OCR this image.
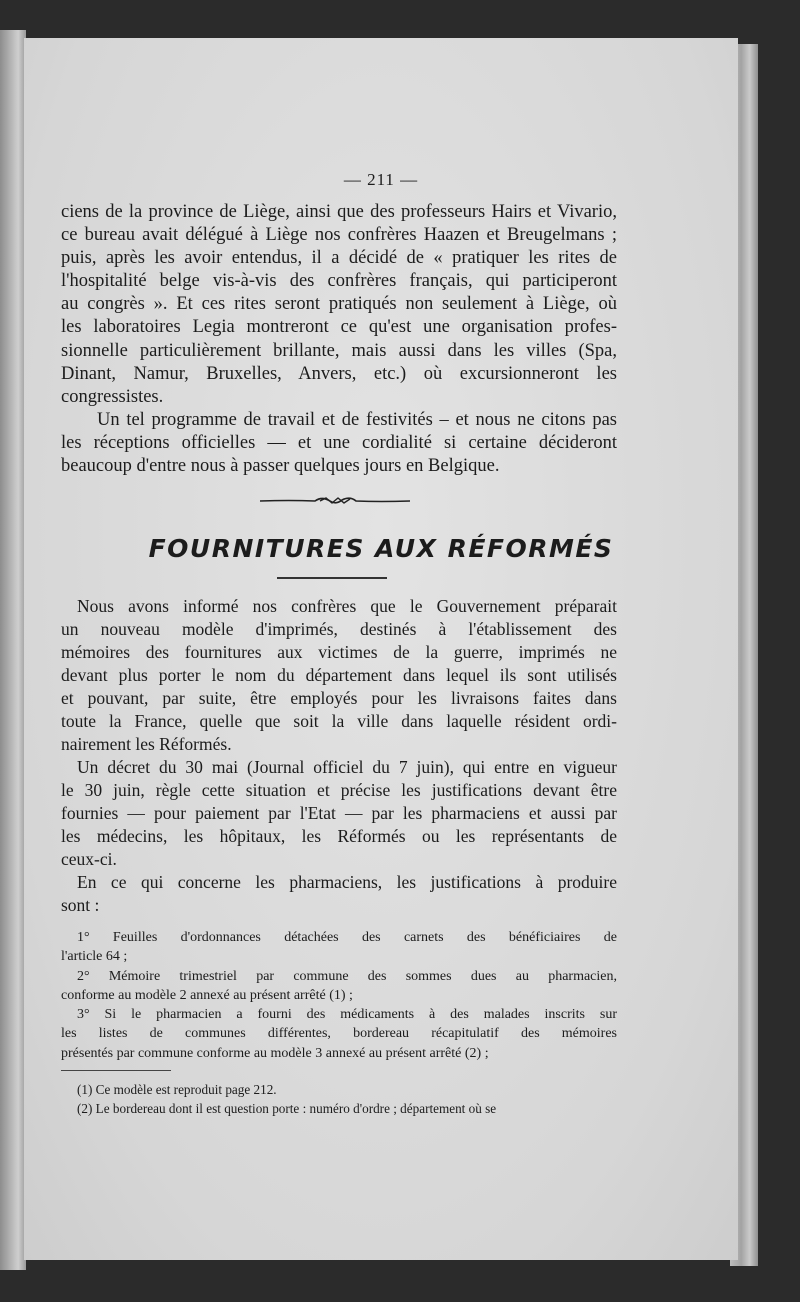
— 211 —
ciens de la province de Liège, ainsi que des professeurs Hairs et Vivario,
ce bureau avait délégué à Liège nos confrères Haazen et Breugelmans ;
puis, après les avoir entendus, il a décidé de « pratiquer les rites de
l'hospitalité belge vis-à-vis des confrères français, qui participeront
au congrès ». Et ces rites seront pratiqués non seulement à Liège, où
les laboratoires Legia montreront ce qu'est une organisation profes-
sionnelle particulièrement brillante, mais aussi dans les villes (Spa,
Dinant, Namur, Bruxelles, Anvers, etc.) où excursionneront les
congressistes.
Un tel programme de travail et de festivités – et nous ne citons pas
les réceptions officielles — et une cordialité si certaine décideront
beaucoup d'entre nous à passer quelques jours en Belgique.
FOURNITURES AUX RÉFORMÉS
Nous avons informé nos confrères que le Gouvernement préparait
un nouveau modèle d'imprimés, destinés à l'établissement des
mémoires des fournitures aux victimes de la guerre, imprimés ne
devant plus porter le nom du département dans lequel ils sont utilisés
et pouvant, par suite, être employés pour les livraisons faites dans
toute la France, quelle que soit la ville dans laquelle résident ordi-
nairement les Réformés.
Un décret du 30 mai (Journal officiel du 7 juin), qui entre en vigueur
le 30 juin, règle cette situation et précise les justifications devant être
fournies — pour paiement par l'Etat — par les pharmaciens et aussi par
les médecins, les hôpitaux, les Réformés ou les représentants de
ceux-ci.
En ce qui concerne les pharmaciens, les justifications à produire
sont :
1° Feuilles d'ordonnances détachées des carnets des bénéficiaires de
l'article 64 ;
2° Mémoire trimestriel par commune des sommes dues au pharmacien,
conforme au modèle 2 annexé au présent arrêté (1) ;
3° Si le pharmacien a fourni des médicaments à des malades inscrits sur
les listes de communes différentes, bordereau récapitulatif des mémoires
présentés par commune conforme au modèle 3 annexé au présent arrêté (2) ;
(1) Ce modèle est reproduit page 212.
(2) Le bordereau dont il est question porte : numéro d'ordre ; département où se
